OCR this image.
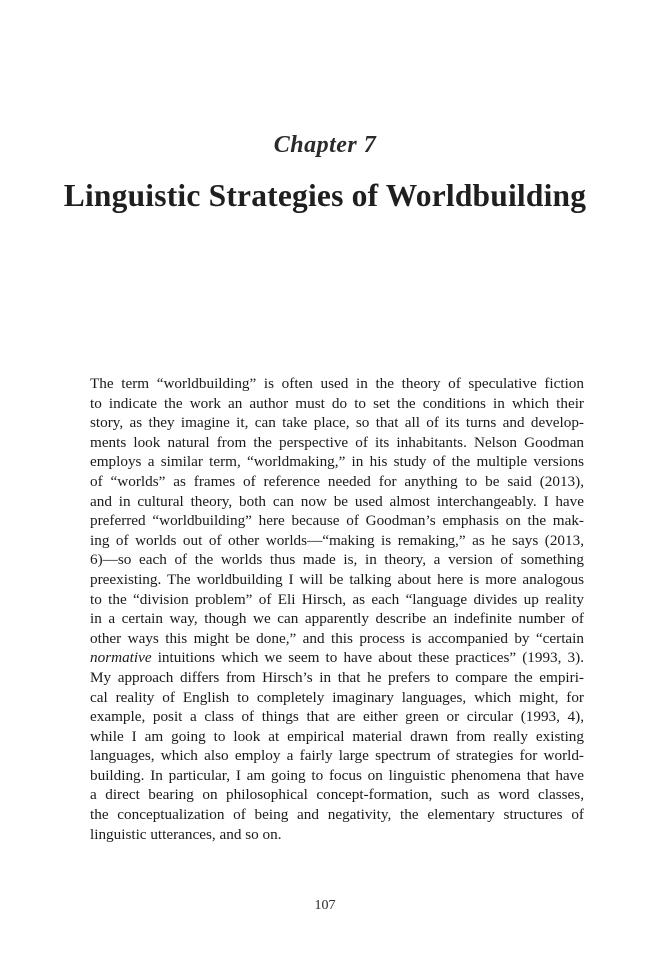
Chapter 7
Linguistic Strategies of Worldbuilding
The term “worldbuilding” is often used in the theory of speculative fiction
to indicate the work an author must do to set the conditions in which their
story, as they imagine it, can take place, so that all of its turns and develop-
ments look natural from the perspective of its inhabitants. Nelson Goodman
employs a similar term, “worldmaking,” in his study of the multiple versions
of “worlds” as frames of reference needed for anything to be said (2013),
and in cultural theory, both can now be used almost interchangeably. I have
preferred “worldbuilding” here because of Goodman’s emphasis on the mak-
ing of worlds out of other worlds—“making is remaking,” as he says (2013,
6)—so each of the worlds thus made is, in theory, a version of something
preexisting. The worldbuilding I will be talking about here is more analogous
to the “division problem” of Eli Hirsch, as each “language divides up reality
in a certain way, though we can apparently describe an indefinite number of
other ways this might be done,” and this process is accompanied by “certain
normative intuitions which we seem to have about these practices” (1993, 3).
My approach differs from Hirsch’s in that he prefers to compare the empiri-
cal reality of English to completely imaginary languages, which might, for
example, posit a class of things that are either green or circular (1993, 4),
while I am going to look at empirical material drawn from really existing
languages, which also employ a fairly large spectrum of strategies for world-
building. In particular, I am going to focus on linguistic phenomena that have
a direct bearing on philosophical concept-formation, such as word classes,
the conceptualization of being and negativity, the elementary structures of
linguistic utterances, and so on.
107
